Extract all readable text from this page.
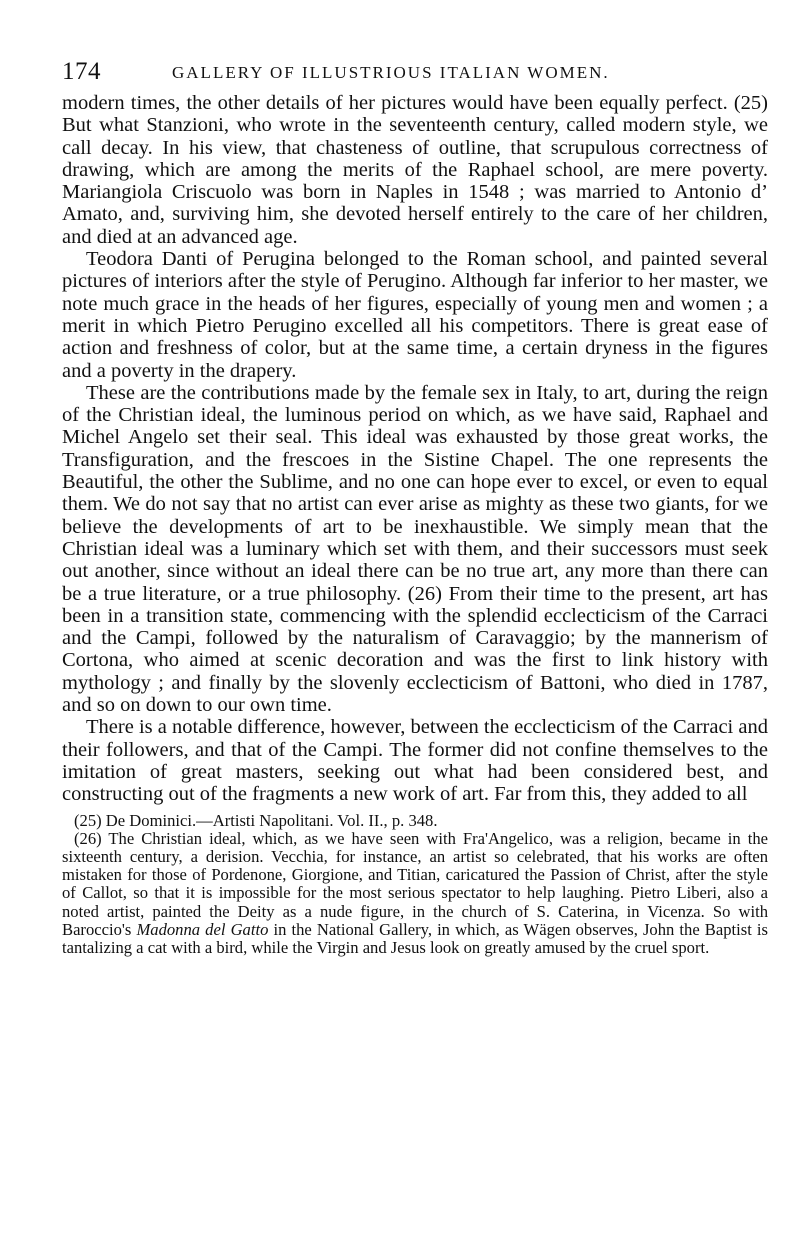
174	GALLERY OF ILLUSTRIOUS ITALIAN WOMEN.

modern times, the other details of her pictures would have been equally perfect. (25) But what Stanzioni, who wrote in the seventeenth century, called modern style, we call decay. In his view, that chasteness of outline, that scrupulous correctness of drawing, which are among the merits of the Raphael school, are mere poverty. Mariangiola Criscuolo was born in Naples in 1548 ; was married to Antonio d’ Amato, and, surviving him, she devoted herself entirely to the care of her children, and died at an advanced age.

Teodora Danti of Perugina belonged to the Roman school, and painted several pictures of interiors after the style of Perugino. Although far inferior to her master, we note much grace in the heads of her figures, especially of young men and women ; a merit in which Pietro Perugino excelled all his competitors. There is great ease of action and freshness of color, but at the same time, a certain dryness in the figures and a poverty in the drapery.

These are the contributions made by the female sex in Italy, to art, during the reign of the Christian ideal, the luminous period on which, as we have said, Raphael and Michel Angelo set their seal. This ideal was exhausted by those great works, the Transfiguration, and the frescoes in the Sistine Chapel. The one represents the Beautiful, the other the Sublime, and no one can hope ever to excel, or even to equal them. We do not say that no artist can ever arise as mighty as these two giants, for we believe the developments of art to be inexhaustible. We simply mean that the Christian ideal was a luminary which set with them, and their successors must seek out another, since without an ideal there can be no true art, any more than there can be a true literature, or a true philosophy. (26) From their time to the present, art has been in a transition state, commencing with the splendid ecclecticism of the Carraci and the Campi, followed by the naturalism of Caravaggio; by the mannerism of Cortona, who aimed at scenic decoration and was the first to link history with mythology ; and finally by the slovenly ecclecticism of Battoni, who died in 1787, and so on down to our own time.

There is a notable difference, however, between the ecclecticism of the Carraci and their followers, and that of the Campi. The former did not confine themselves to the imitation of great masters, seeking out what had been considered best, and constructing out of the fragments a new work of art. Far from this, they added to all

(25) De Dominici.—Artisti Napolitani. Vol. II., p. 348.

(26) The Christian ideal, which, as we have seen with Fra'Angelico, was a religion, became in the sixteenth century, a derision. Vecchia, for instance, an artist so celebrated, that his works are often mistaken for those of Pordenone, Giorgione, and Titian, caricatured the Passion of Christ, after the style of Callot, so that it is impossible for the most serious spectator to help laughing. Pietro Liberi, also a noted artist, painted the Deity as a nude figure, in the church of S. Caterina, in Vicenza. So with Baroccio's Madonna del Gatto in the National Gallery, in which, as Wägen observes, John the Baptist is tantalizing a cat with a bird, while the Virgin and Jesus look on greatly amused by the cruel sport.
